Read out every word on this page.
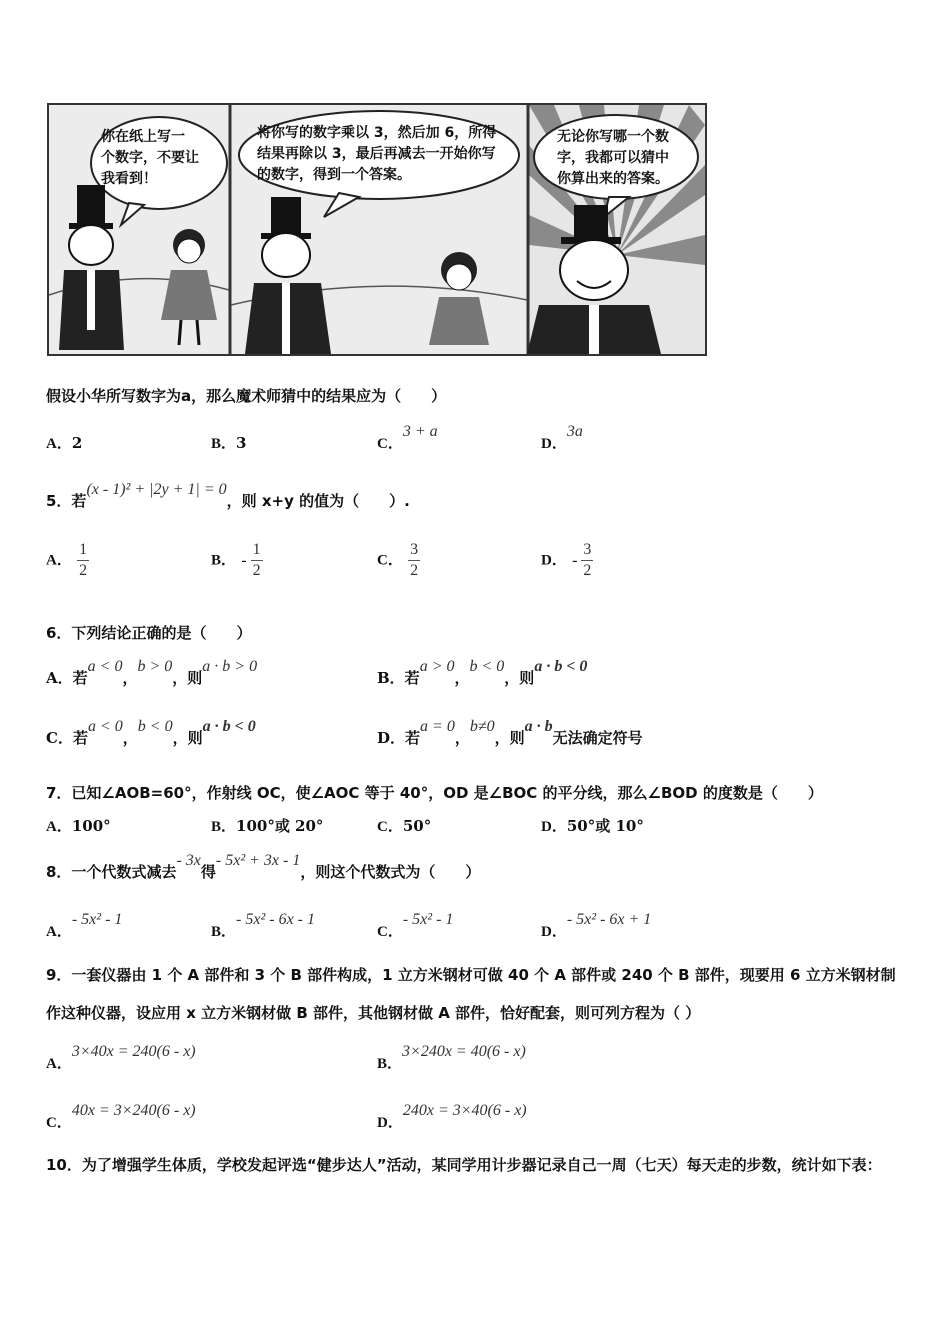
你在纸上写一
个数字，不要让
我看到！
将你写的数字乘以 3，然后加 6，所得
结果再除以 3，最后再减去一开始你写
的数字，得到一个答案。
无论你写哪一个数
字，我都可以猜中
你算出来的答案。
假设小华所写数字为a，那么魔术师猜中的结果应为（　　）
A．2	B．3	C．3 + a
D．3a
5．若(x - 1)² + |2y + 1| = 0，则 x+y 的值为（　　）.
A． $\frac{1}{2}$	B． - $\frac{1}{2}$	C． $\frac{3}{2}$	D． - $\frac{3}{2}$
6．下列结论正确的是（　　）
A．若a < 0，b > 0，则a · b > 0
B．若a > 0，b < 0，则a · b < 0
C．若a < 0，b < 0，则a · b < 0
D．若a = 0，b≠0，则a · b无法确定符号
7．已知∠AOB=60°，作射线 OC，使∠AOC 等于 40°，OD 是∠BOC 的平分线，那么∠BOD 的度数是（　　）
A．100°	B．100°或 20°	C．50°	D．50°或 10°
8．一个代数式减去- 3x得- 5x² + 3x - 1，则这个代数式为（　　）
A．- 5x² - 1
B．- 5x² - 6x - 1
C．- 5x² - 1
D．- 5x² - 6x + 1
9．一套仪器由 1 个 A 部件和 3 个 B 部件构成，1 立方米钢材可做 40 个 A 部件或 240 个 B 部件，现要用 6 立方米钢材制作这种仪器，设应用 x 立方米钢材做 B 部件，其他钢材做 A 部件，恰好配套，则可列方程为（ ）
A．3×40x = 240(6 - x)
B．3×240x = 40(6 - x)
C．40x = 3×240(6 - x)
D．240x = 3×40(6 - x)
10．为了增强学生体质，学校发起评选“健步达人”活动，某同学用计步器记录自己一周（七天）每天走的步数，统计如下表：
